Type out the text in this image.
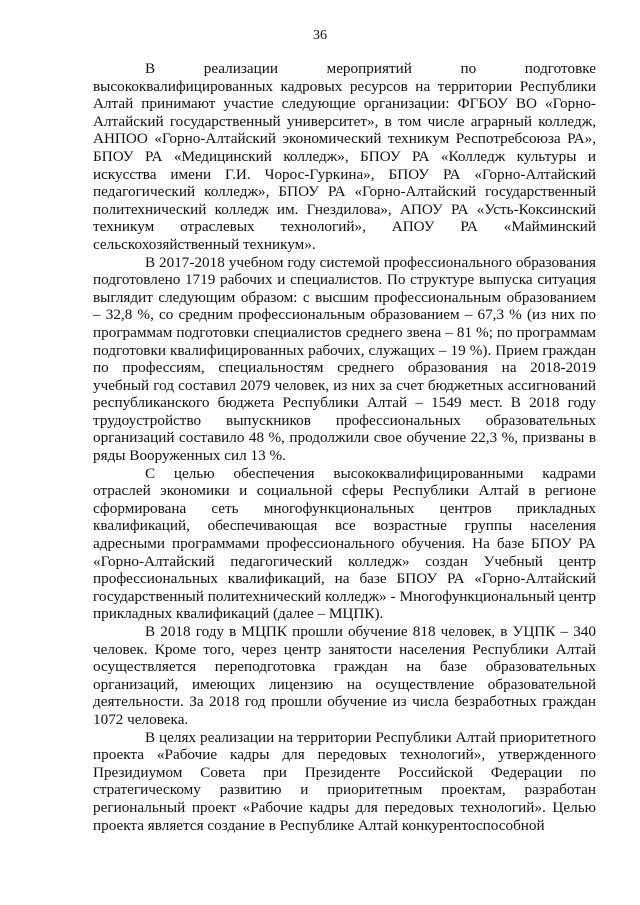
36

В реализации мероприятий по подготовке высококвалифицированных кадровых ресурсов на территории Республики Алтай принимают участие следующие организации: ФГБОУ ВО «Горно-Алтайский государственный университет», в том числе аграрный колледж, АНПОО «Горно-Алтайский экономический техникум Респотребсоюза РА», БПОУ РА «Медицинский колледж», БПОУ РА «Колледж культуры и искусства имени Г.И. Чорос-Гуркина», БПОУ РА «Горно-Алтайский педагогический колледж», БПОУ РА «Горно-Алтайский государственный политехнический колледж им. Гнездилова», АПОУ РА «Усть-Коксинский техникум отраслевых технологий», АПОУ РА «Майминский сельскохозяйственный техникум».

В 2017-2018 учебном году системой профессионального образования подготовлено 1719 рабочих и специалистов. По структуре выпуска ситуация выглядит следующим образом: с высшим профессиональным образованием – 32,8 %, со средним профессиональным образованием – 67,3 % (из них по программам подготовки специалистов среднего звена – 81 %; по программам подготовки квалифицированных рабочих, служащих – 19 %). Прием граждан по профессиям, специальностям среднего образования на 2018-2019 учебный год составил 2079 человек, из них за счет бюджетных ассигнований республиканского бюджета Республики Алтай – 1549 мест. В 2018 году трудоустройство выпускников профессиональных образовательных организаций составило 48 %, продолжили свое обучение 22,3 %, призваны в ряды Вооруженных сил 13 %.

С целью обеспечения высококвалифицированными кадрами отраслей экономики и социальной сферы Республики Алтай в регионе сформирована сеть многофункциональных центров прикладных квалификаций, обеспечивающая все возрастные группы населения адресными программами профессионального обучения. На базе БПОУ РА «Горно-Алтайский педагогический колледж» создан Учебный центр профессиональных квалификаций, на базе БПОУ РА «Горно-Алтайский государственный политехнический колледж» - Многофункциональный центр прикладных квалификаций (далее – МЦПК).

В 2018 году в МЦПК прошли обучение 818 человек, в УЦПК – 340 человек. Кроме того, через центр занятости населения Республики Алтай осуществляется переподготовка граждан на базе образовательных организаций, имеющих лицензию на осуществление образовательной деятельности. За 2018 год прошли обучение из числа безработных граждан 1072 человека.

В целях реализации на территории Республики Алтай приоритетного проекта «Рабочие кадры для передовых технологий», утвержденного Президиумом Совета при Президенте Российской Федерации по стратегическому развитию и приоритетным проектам, разработан региональный проект «Рабочие кадры для передовых технологий». Целью проекта является создание в Республике Алтай конкурентоспособной
